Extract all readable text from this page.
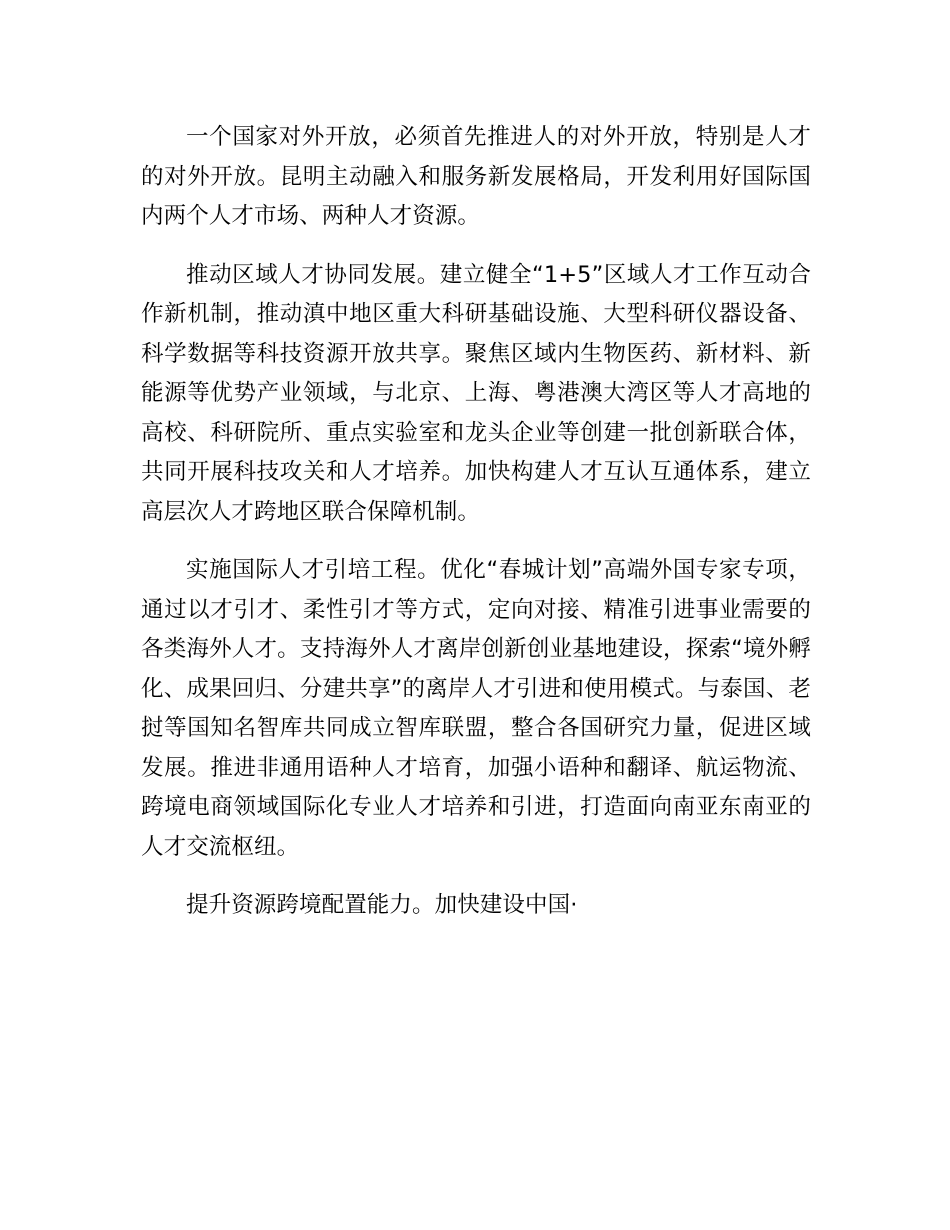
一个国家对外开放，必须首先推进人的对外开放，特别是人才的对外开放。昆明主动融入和服务新发展格局，开发利用好国际国内两个人才市场、两种人才资源。

推动区域人才协同发展。建立健全“1+5”区域人才工作互动合作新机制，推动滇中地区重大科研基础设施、大型科研仪器设备、科学数据等科技资源开放共享。聚焦区域内生物医药、新材料、新能源等优势产业领域，与北京、上海、粤港澳大湾区等人才高地的高校、科研院所、重点实验室和龙头企业等创建一批创新联合体，共同开展科技攻关和人才培养。加快构建人才互认互通体系，建立高层次人才跨地区联合保障机制。

实施国际人才引培工程。优化“春城计划”高端外国专家专项，通过以才引才、柔性引才等方式，定向对接、精准引进事业需要的各类海外人才。支持海外人才离岸创新创业基地建设，探索“境外孵化、成果回归、分建共享”的离岸人才引进和使用模式。与泰国、老挝等国知名智库共同成立智库联盟，整合各国研究力量，促进区域发展。推进非通用语种人才培育，加强小语种和翻译、航运物流、跨境电商领域国际化专业人才培养和引进，打造面向南亚东南亚的人才交流枢纽。

提升资源跨境配置能力。加快建设中国·
